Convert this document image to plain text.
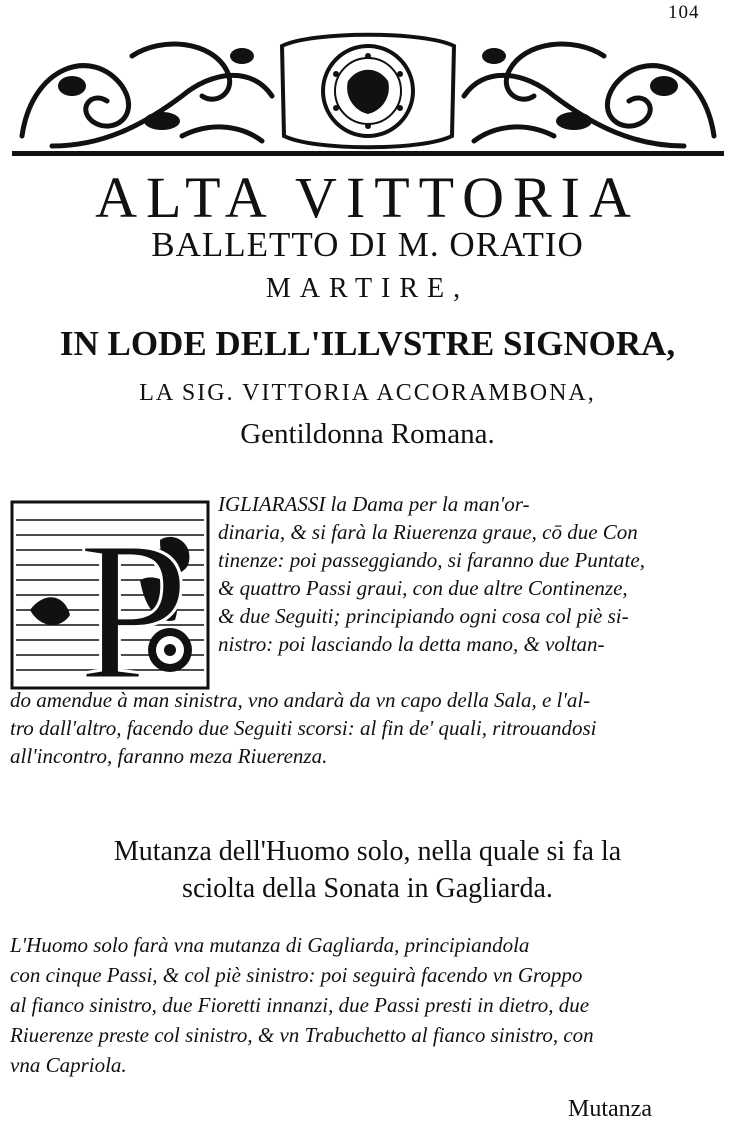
104
ALTA VITTORIA
BALLETTO DI M. ORATIO
MARTIRE,
IN LODE DELL'ILLVSTRE SIGNORA,
LA SIG. VITTORIA ACCORAMBONA,
Gentildonna Romana.
P IGLIARASSI la Dama per la man'or-
dinaria, & si farà la Riuerenza graue, cō due Con
tinenze: poi passeggiando, si faranno due Puntate,
& quattro Passi graui, con due altre Continenze,
& due Seguiti; principiando ogni cosa col piè si-
nistro: poi lasciando la detta mano, & voltan-
do amendue à man sinistra, vno andarà da vn capo della Sala, e l'al-
tro dall'altro, facendo due Seguiti scorsi: al fin de' quali, ritrouandosi
all'incontro, faranno meza Riuerenza.
Mutanza dell'Huomo solo, nella quale si fa la
sciolta della Sonata in Gagliarda.
L'Huomo solo farà vna mutanza di Gagliarda, principiandola
con cinque Passi, & col piè sinistro: poi seguirà facendo vn Groppo
al fianco sinistro, due Fioretti innanzi, due Passi presti in dietro, due
Riuerenze preste col sinistro, & vn Trabuchetto al fianco sinistro, con
vna Capriola.
Mutanza
